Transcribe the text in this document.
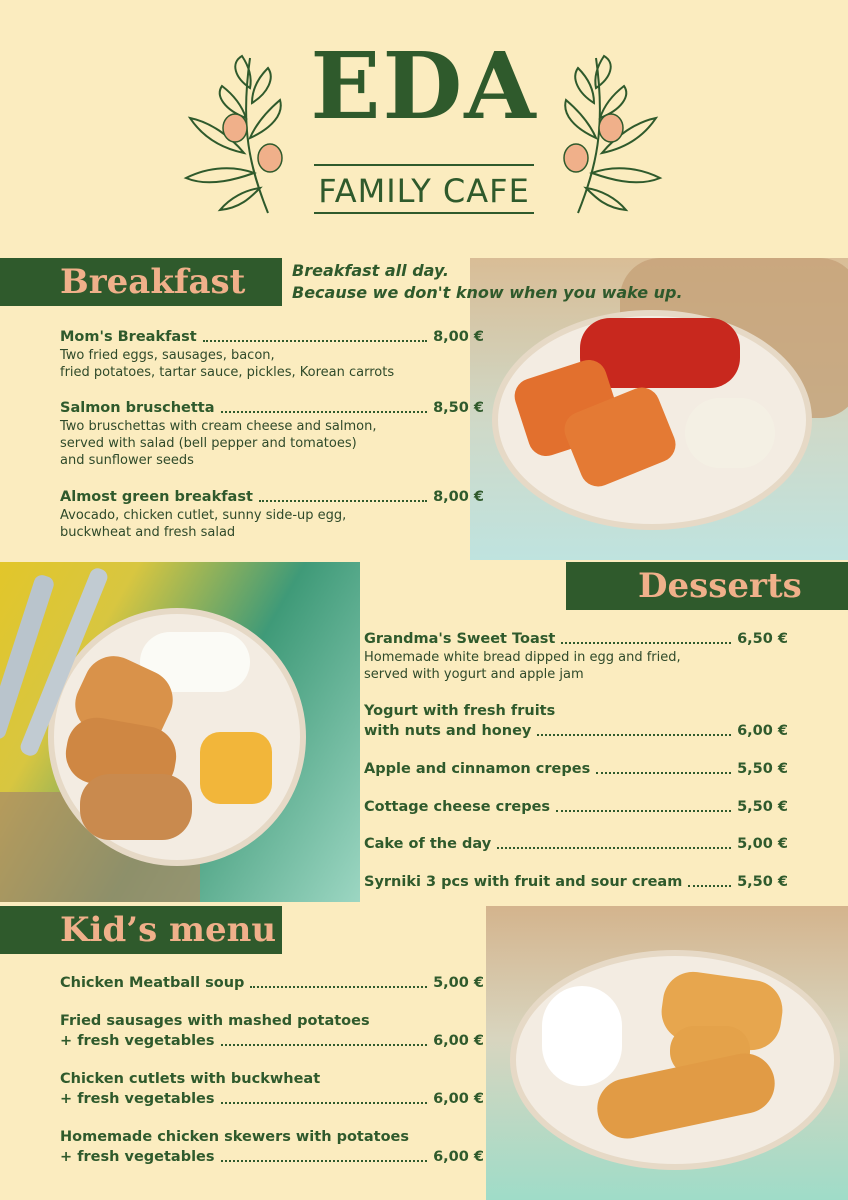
EDA
FAMILY CAFE
Breakfast	Breakfast all day.
Because we don't know when you wake up.
Mom's Breakfast	8,00 €
Two fried eggs, sausages, bacon,
fried potatoes, tartar sauce, pickles, Korean carrots
Salmon bruschetta	8,50 €
Two bruschettas with cream cheese and salmon,
served with salad (bell pepper and tomatoes)
and sunflower seeds
Almost green breakfast	8,00 €
Avocado, chicken cutlet, sunny side-up egg,
buckwheat and fresh salad
Desserts
Grandma's Sweet Toast	6,50 €
Homemade white bread dipped in egg and fried,
served with yogurt and apple jam
Yogurt with fresh fruits
with nuts and honey	6,00 €
Apple and cinnamon crepes	5,50 €
Cottage cheese crepes	5,50 €
Cake of the day	5,00 €
Syrniki 3 pcs with fruit and sour cream	5,50 €
Kid’s menu
Chicken Meatball soup	5,00 €
Fried sausages with mashed potatoes
+ fresh vegetables	6,00 €
Chicken cutlets with buckwheat
+ fresh vegetables	6,00 €
Homemade chicken skewers with potatoes
+ fresh vegetables	6,00 €
